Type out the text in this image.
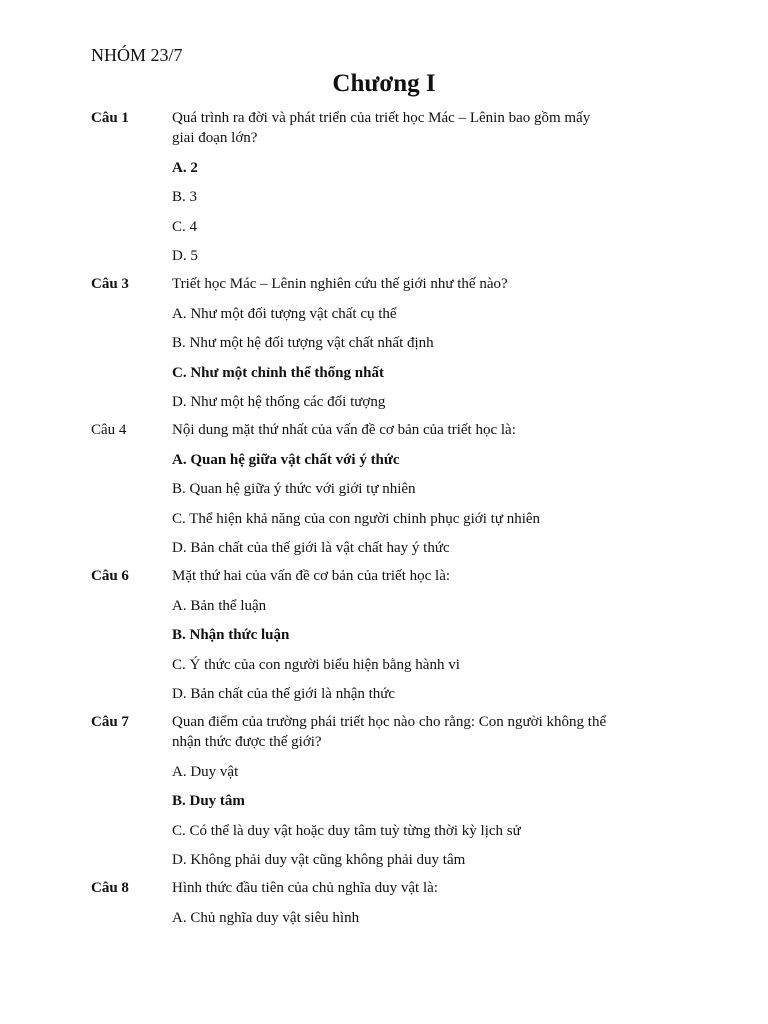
NHÓM 23/7
Chương I
Câu 1	Quá trình ra đời và phát triển của triết học Mác – Lênin bao gồm mấy giai đoạn lớn?
A. 2
B. 3
C. 4
D. 5
Câu 3	Triết học Mác – Lênin nghiên cứu thế giới như thế nào?
A. Như một đối tượng vật chất cụ thể
B. Như một hệ đối tượng vật chất nhất định
C. Như một chỉnh thể thống nhất
D. Như một hệ thống các đối tượng
Câu 4	Nội dung mặt thứ nhất của vấn đề cơ bản của triết học là:
A. Quan hệ giữa vật chất với ý thức
B. Quan hệ giữa ý thức với giới tự nhiên
C. Thể hiện khả năng của con người chinh phục giới tự nhiên
D. Bản chất của thế giới là vật chất hay ý thức
Câu 6	Mặt thứ hai của vấn đề cơ bản của triết học là:
A. Bản thể luận
B. Nhận thức luận
C. Ý thức của con người biểu hiện bằng hành vi
D. Bản chất của thế giới là nhận thức
Câu 7	Quan điểm của trường phái triết học nào cho rằng: Con người không thể nhận thức được thế giới?
A. Duy vật
B. Duy tâm
C. Có thể là duy vật hoặc duy tâm tuỳ từng thời kỳ lịch sử
D. Không phải duy vật cũng không phải duy tâm
Câu 8	Hình thức đầu tiên của chủ nghĩa duy vật là:
A. Chủ nghĩa duy vật siêu hình
